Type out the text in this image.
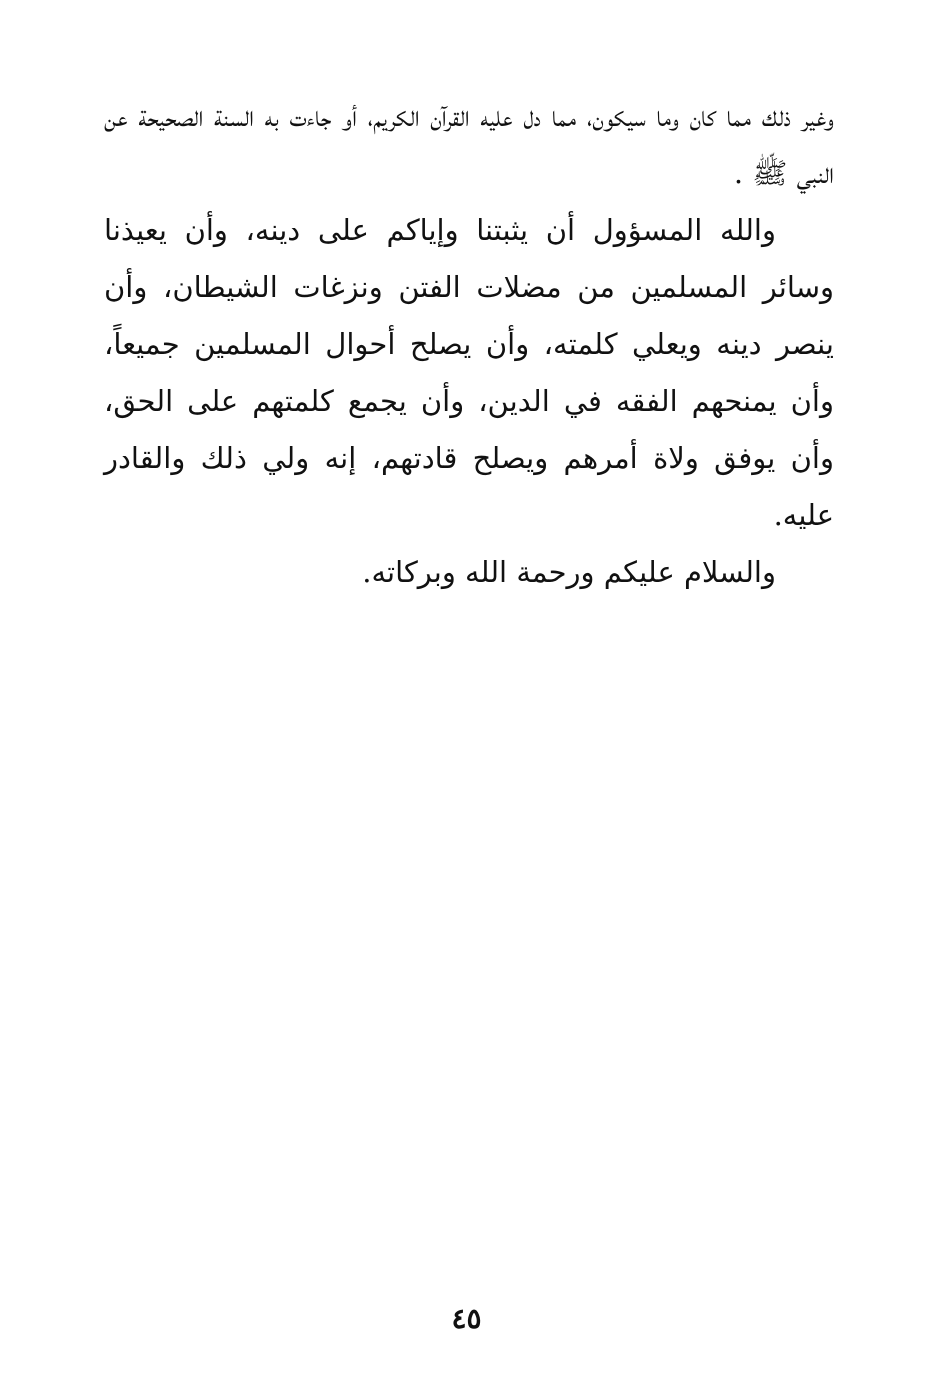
وغير ذلك مما كان وما سيكون، مما دل عليه القرآن الكريم، أو جاءت به السنة الصحيحة عن النبي ﷺ .

والله المسؤول أن يثبتنا وإياكم على دينه، وأن يعيذنا وسائر المسلمين من مضلات الفتن ونزغات الشيطان، وأن ينصر دينه ويعلي كلمته، وأن يصلح أحوال المسلمين جميعاً، وأن يمنحهم الفقه في الدين، وأن يجمع كلمتهم على الحق، وأن يوفق ولاة أمرهم ويصلح قادتهم، إنه ولي ذلك والقادر عليه.

والسلام عليكم ورحمة الله وبركاته.

٤٥
